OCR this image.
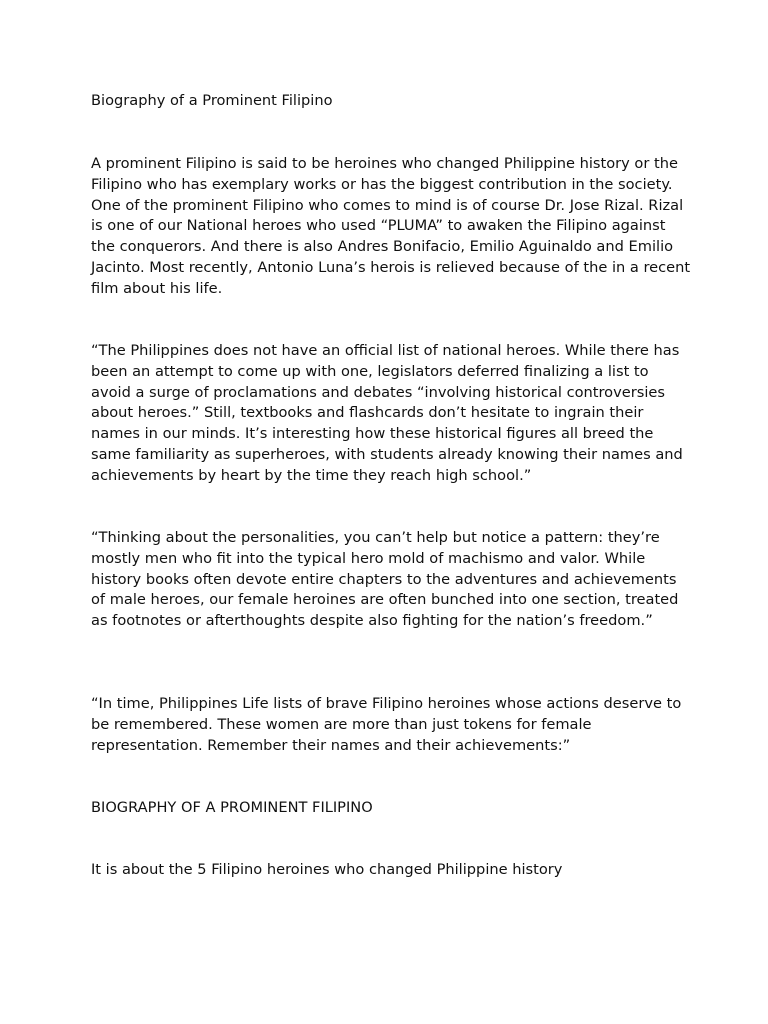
Biography of a Prominent Filipino

A prominent Filipino is said to be heroines who changed Philippine history or the Filipino who has exemplary works or has the biggest contribution in the society. One of the prominent Filipino who comes to mind is of course Dr. Jose Rizal. Rizal is one of our National heroes who used “PLUMA” to awaken the Filipino against the conquerors. And there is also Andres Bonifacio, Emilio Aguinaldo and Emilio Jacinto. Most recently, Antonio Luna’s herois is relieved because of the in a recent film about his life.

“The Philippines does not have an official list of national heroes. While there has been an attempt to come up with one, legislators deferred finalizing a list to avoid a surge of proclamations and debates “involving historical controversies about heroes.” Still, textbooks and flashcards don’t hesitate to ingrain their names in our minds. It’s interesting how these historical figures all breed the same familiarity as superheroes, with students already knowing their names and achievements by heart by the time they reach high school.”

“Thinking about the personalities, you can’t help but notice a pattern: they’re mostly men who fit into the typical hero mold of machismo and valor. While history books often devote entire chapters to the adventures and achievements of male heroes, our female heroines are often bunched into one section, treated as footnotes or afterthoughts despite also fighting for the nation’s freedom.”

“In time, Philippines Life lists of brave Filipino heroines whose actions deserve to be remembered. These women are more than just tokens for female representation. Remember their names and their achievements:”

BIOGRAPHY OF A PROMINENT FILIPINO

It is about the 5 Filipino heroines who changed Philippine history
